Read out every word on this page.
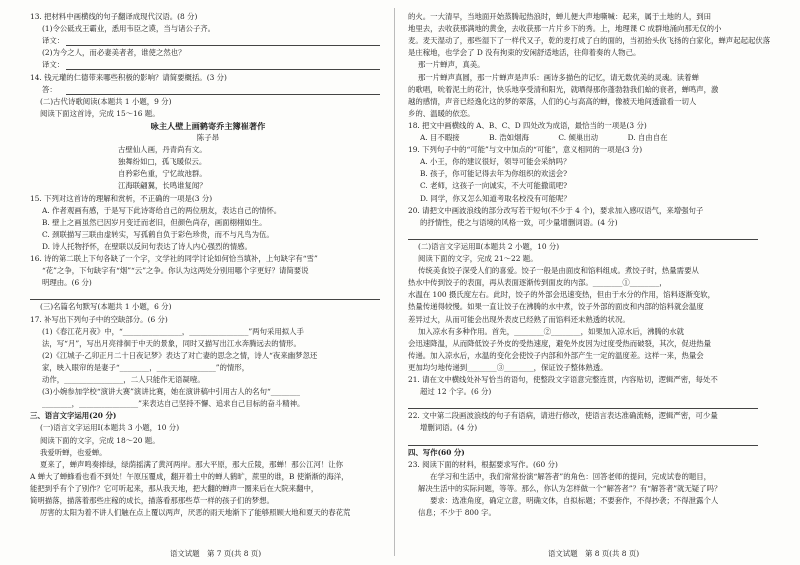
13. 把材料中画横线的句子翻译成现代汉语。(8 分)
(1)令公砥戎王霸业，悉用韦臣之谟，当与诸公子齐。
译文：
(2)为今之人，而必妻美者者，谁使之然也？
译文：
14. 钱元瓘的仁德带来哪些积极的影响？请简要概括。(3 分)
答：
(二)古代诗歌阅读(本题共 1 小题，9 分)
阅读下面这首诗，完成 15～16 题。
咏主人壁上画鹤寄乔主簿崔著作
陈子昂
古壁仙人画，丹青尚有文。
独舞纷如□，孤飞暖似云。
自矜彩色重，宁忆故池群。
江海联翩翼，长鸣谁复闻？
15. 下列对这首诗的理解和赏析，不正确的一项是(3 分)
A. 作者观画有感，于是写下此诗寄给自己的两位朋友，表达自己的情怀。
B. 壁上之画虽然已因岁月变迁而老旧，但颜色尚存，画面栩栩如生。
C. 颈联描写三联由虚转实，写孤鹤自负于彩色珍贵，而不与凡鸟为伍。
D. 诗人托物抒怀，在壁联以反问句表达了诗人内心强烈的情感。
16. 诗的第二联上下句各缺了一个字，文学社的同学讨论如何恰当填补，上句缺字有“雪”
“花”之争，下句缺字有“烟”“云”之争。你认为这两处分别用哪个字更好？请简要说
明理由。(6 分)
(三)名篇名句默写(本题共 1 小题，6 分)
17. 补写出下列句子中的空缺部分。(6 分)
(1)《春江花月夜》中，“________________，________________”两句采用拟人手
法，写“月”，写出月亮徘徊于中天的景象，同时又描写出江水奔腾远去的情形。
(2)《江城子·乙卯正月二十日夜记梦》表达了对亡妻的思念之情，诗人“夜来幽梦忽还
家，映入眼帘的是妻子“________，________________”的情形，
动作，________________，二人只能作无语凝噎。
(3)小婉参加学校“演讲大赛”演讲比赛，她在演讲稿中引用古人的名句“________
________，________________”来表达自己坚持不懈、追求自己目标的奋斗精神。
三、语言文字运用(20 分)
(一)语言文字运用Ⅰ(本题共 3 小题，10 分)
阅读下面的文字，完成 18～20 题。
我爱听蝉，也爱蝉。
夏来了，蝉声鸣奏捧绿，绿荫摇满了黄河两岸。那大平原，那大丘陵，那蝉！那公江河！让你
A 蝉大了蝉蜂看也看不到处！午原压覆成，翻开着土中的蝉人鹤旷，蔗里的谁，B 使渐渐的海洋，
能把到乎有个了别作？它可听起来，那从我天地，把大翻的蝉声一圈来后在大院来翻中，
简明描落，描落着那些庄稼的成长，描落看那那些草一样的孩子们的梦想。
厉害的太阳为着不讲人们触在点上覆以两声，厌恶的雨天地渐下了能够照顾大地和夏天的春花荒
的火。一大清早，当地面开始蒸腾起热浪时，蝉儿便大声地嘶喊：起来，属于土地的人，到田
地里去，去收获那满地的黄金，去收获那一片片乡下的秀。上，地理课 C 成群地涌向那无仅的小
麦。麦天湿动了，那些湿下了一样代又子，乾的麦打成了白的面的，当初抬头伙飞扬的白家化，蝉声起起起伏落
是庄稼地，也学会了 D 没有拘束的安闲舒适地活，往仰着奏的人物己。
那一片蝉声，真美。
那一片蝉声真圆，那一片蝉声是声乐：画诗多描色的记忆，请无数优美的灵魂。读着蝉
的歌唱，吮着泥土的花汁，快乐地享受清和阳光，就晒得那你蓬勃勃我们蛤的衰者，蝉鸣声，激
越的感情，声音已经逸化这的梦的翠落，人们的心与高高的蝉，像被天地间透澈看一切人
乡的、温暖的依恋。
18. 把文中画横线的 A、B、C、D 四处改为成语，最恰当的一项是(3 分)
A. 目不暇接　　　　B. 浩如烟海　　　　C. 倾巢出动　　　　D. 自由自在
19. 下列句子中的“可能”与文中加点的“可能”，意义相同的一项是(3 分)
A. 小王，你的建议很好，领导可能会采纳吗？
B. 孩子，你可能记得去年为你组织的欢送会?
C. 老师，这孩子一向诚实，不大可能撒谎吧?
D. 同学，你又怎么知道考取名校没有可能呢？
20. 请把文中画波浪线的部分改写若干短句(不少于 4 个)，要求加入感叹语气，来增强句子
的抒情性，使之与语境的风格一致，可少量增删词语。(4 分)
(二)语言文字运用Ⅱ(本题共 2 小题，10 分)
阅读下面的文字，完成 21～22 题。
传统美食饺子深受人们的喜爱。饺子一般是由面皮和馅料组成。煮饺子时，热量需要从
热水中传到饺子的表面，再从表面逐渐传到面皮的内部。________①________，
水温在 100 摄氏度左右。此时，饺子的外部会迅速变热，但由于水分的作用，馅料逐渐变软，
热量传递得较慢。如果一直让饺子在沸腾的水中煮，饺子外部的面皮和内部的馅料就会温度
差异过大，从而可能会出现外表皮已经熟了而馅料还未熟透的状况。
加入凉水有多种作用。首先，________②________，如果加入凉水后，沸腾的水就
会迅速降温，从而降低饺子外皮的受热速度，避免外皮因为过度受热而破裂，其次，促进热量
传递。加入凉水后，水温的变化会使饺子内部和外部产生一定的温度差。这样一来，热量会
更加均匀地传递到________③________，保证饺子整体熟透。
21. 请在文中横线处补写恰当的语句，使整段文字语意完整连贯，内容贴切，逻辑严密，每处不
超过 12 个字。(6 分)
22. 文中第二段画波浪线的句子有语病，请进行修改，使语言表达准确流畅，逻辑严密，可少量
增删词语。(4 分)
四、写作(60 分)
23. 阅读下面的材料，根据要求写作。(60 分)
在学习和生活中，我们常常扮演“解答者”的角色：回答老师的提问，完成试卷的题目，
解决生活中的实际问题，等等。那么，你认为怎样做一个“解答者”？有“解答者”就无疑了吗？
要求：选准角度，确定立意，明确文体，自拟标题；不要套作，不得抄袭；不得泄露个人
信息；不少于 800 字。
语文试题　第 7 页(共 8 页)	语文试题　第 8 页(共 8 页)
